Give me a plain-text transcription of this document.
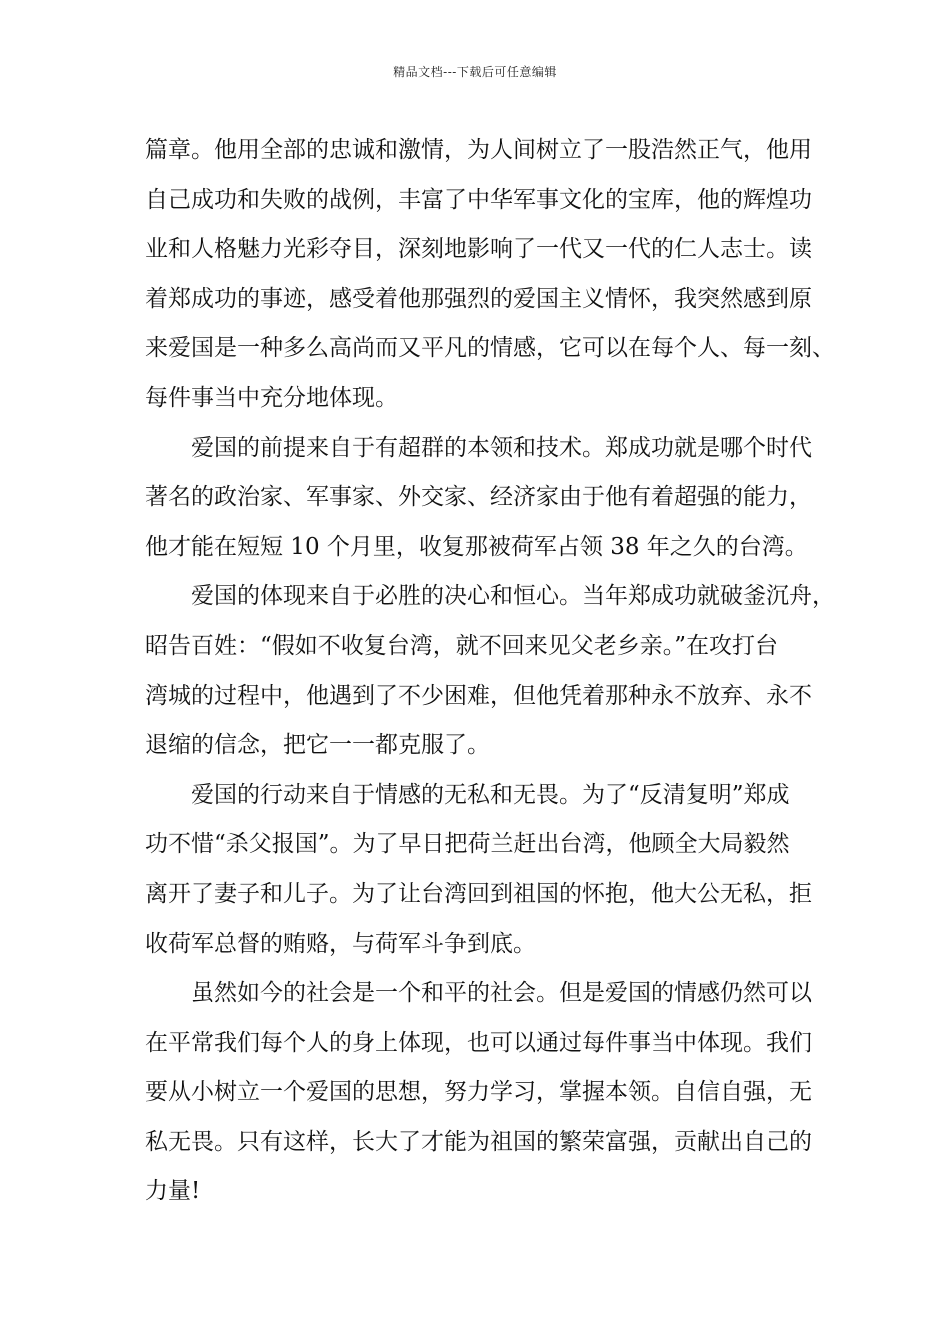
精品文档---下载后可任意编辑
篇章。他用全部的忠诚和激情，为人间树立了一股浩然正气，他用
自己成功和失败的战例，丰富了中华军事文化的宝库，他的辉煌功
业和人格魅力光彩夺目，深刻地影响了一代又一代的仁人志士。读
着郑成功的事迹，感受着他那强烈的爱国主义情怀，我突然感到原
来爱国是一种多么高尚而又平凡的情感，它可以在每个人、每一刻、
每件事当中充分地体现。
爱国的前提来自于有超群的本领和技术。郑成功就是哪个时代
著名的政治家、军事家、外交家、经济家由于他有着超强的能力，
他才能在短短 10 个月里，收复那被荷军占领 38 年之久的台湾。
爱国的体现来自于必胜的决心和恒心。当年郑成功就破釜沉舟，
昭告百姓：“假如不收复台湾，就不回来见父老乡亲。”在攻打台
湾城的过程中，他遇到了不少困难，但他凭着那种永不放弃、永不
退缩的信念，把它一一都克服了。
爱国的行动来自于情感的无私和无畏。为了“反清复明”郑成
功不惜“杀父报国”。为了早日把荷兰赶出台湾，他顾全大局毅然
离开了妻子和儿子。为了让台湾回到祖国的怀抱，他大公无私，拒
收荷军总督的贿赂，与荷军斗争到底。
虽然如今的社会是一个和平的社会。但是爱国的情感仍然可以
在平常我们每个人的身上体现，也可以通过每件事当中体现。我们
要从小树立一个爱国的思想，努力学习，掌握本领。自信自强，无
私无畏。只有这样，长大了才能为祖国的繁荣富强，贡献出自己的
力量!
